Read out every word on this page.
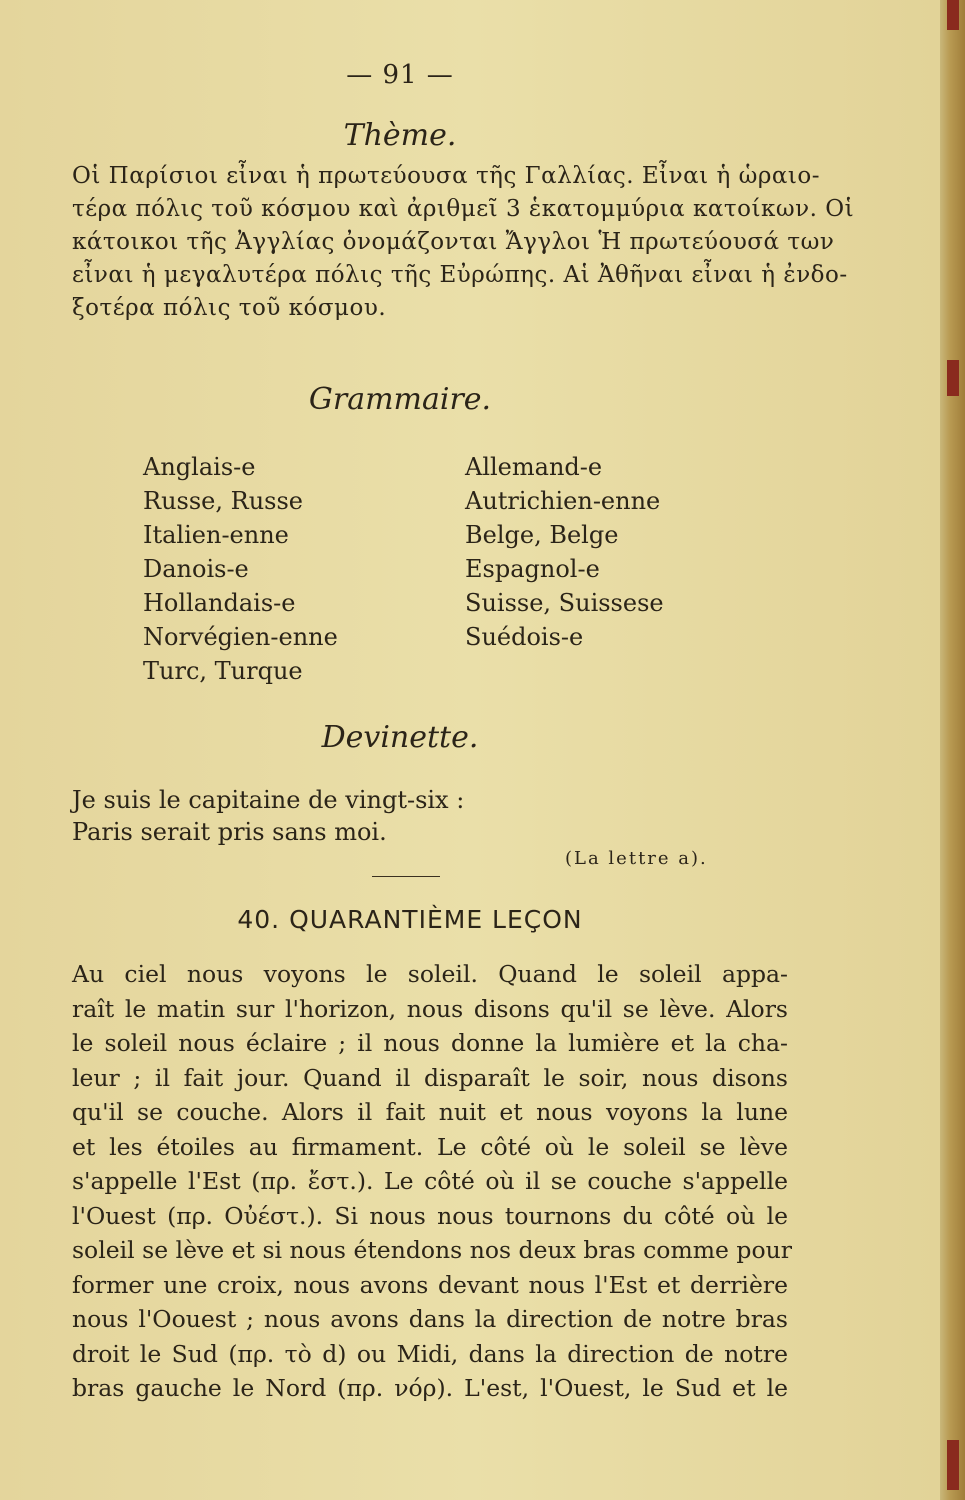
— 91 —
Thème.

Οἱ Παρίσιοι εἶναι ἡ πρωτεύουσα τῆς Γαλλίας. Εἶναι ἡ ὡραιο-

τέρα πόλις τοῦ κόσμου καὶ ἀριθμεῖ 3 ἑκατομμύρια κατοίκων. Οἱ

κάτοικοι τῆς Ἀγγλίας ὀνομάζονται Ἄγγλοι Ἡ πρωτεύουσά των

εἶναι ἡ μεγαλυτέρα πόλις τῆς Εὐρώπης. Αἱ Ἀθῆναι εἶναι ἡ ἐνδο-

ξοτέρα πόλις τοῦ κόσμου.

Grammaire.
Anglais-e
Russe, Russe
Italien-enne
Danois-e
Hollandais-e
Norvégien-enne
Turc, Turque
Allemand-e
Autrichien-enne
Belge, Belge
Espagnol-e
Suisse, Suissese
Suédois-e
Devinette.
Je suis le capitaine de vingt-six :
Paris serait pris sans moi.
(La lettre a).
40. QUARANTIÈME LEÇON

Au ciel nous voyons le soleil. Quand le soleil appa-

raît le matin sur l'horizon, nous disons qu'il se lève. Alors

le soleil nous éclaire ; il nous donne la lumière et la cha-

leur ; il fait jour. Quand il disparaît le soir, nous disons

qu'il se couche. Alors il fait nuit et nous voyons la lune

et les étoiles au firmament. Le côté où le soleil se lève

s'appelle l'Est (πρ. ἔστ.). Le côté où il se couche s'appelle

l'Ouest (πρ. Οὐέστ.). Si nous nous tournons du côté où le

soleil se lève et si nous étendons nos deux bras comme pour

former une croix, nous avons devant nous l'Est et derrière

nous l'Oouest ; nous avons dans la direction de notre bras

droit le Sud (πρ. τὸ d) ou Midi, dans la direction de notre

bras gauche le Nord (πρ. νόρ). L'est, l'Ouest, le Sud et le
